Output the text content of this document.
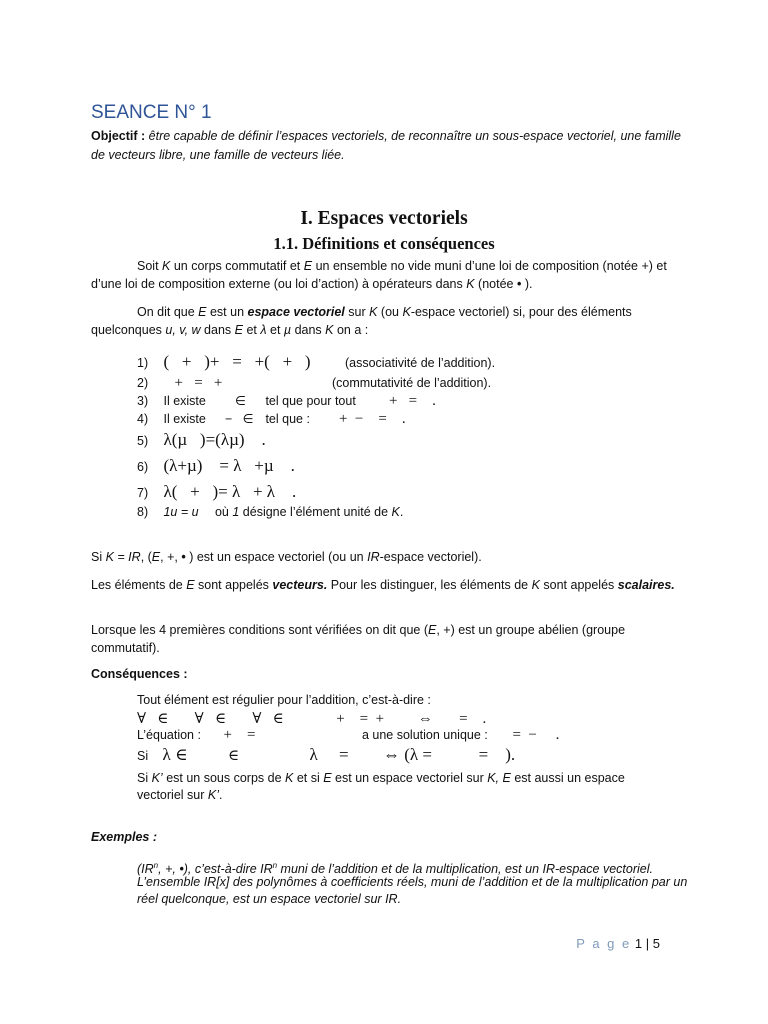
SEANCE N° 1
Objectif : être capable de définir l’espaces vectoriels, de reconnaître un sous-espace vectoriel, une famille de vecteurs libre, une famille de vecteurs liée.
I. Espaces vectoriels
1.1. Définitions et conséquences
Soit K un corps commutatif et E un ensemble no vide muni d’une loi de composition (notée +) et d’une loi de composition externe (ou loi d’action) à opérateurs dans K (notée • ).
On dit que E est un espace vectoriel sur K (ou K-espace vectoriel) si, pour des éléments quelconques u, v, w dans E et λ et µ dans K on a :
1) (   +   )+   =   +(   +   )	(associativité de l’addition).
2) +   =   +	(commutativité de l’addition).
3) Il existe ∈ tel que pour tout +   =    .
4) Il existe −   ∈ tel que : +  −    =    .
5) λ(µ   )=(λµ)    .
6) (λ+µ)    = λ   +µ    .
7) λ(   +   )= λ   + λ    .
8) 1u = u où 1 désigne l’élément unité de K.
Si K = IR, (E, +, • ) est un espace vectoriel (ou un IR-espace vectoriel).
Les éléments de E sont appelés vecteurs. Pour les distinguer, les éléments de K sont appelés scalaires.
Lorsque les 4 premières conditions sont vérifiées on dit que (E, +) est un groupe abélien (groupe commutatif).
Conséquences :
Tout élément est régulier pour l’addition, c’est-à-dire :
∀   ∈       ∀   ∈       ∀   ∈              +    =  +         ⇔       =    .
L’équation : +    =	a une solution unique : =  −     .
Si λ ∈	∈	λ     = ⇔ (λ =           =    ).
Si K’ est un sous corps de K et si E est un espace vectoriel sur K, E est aussi un espace vectoriel sur K’.
Exemples :
($IR^n$, +, •), c’est-à-dire $IR^n$ muni de l’addition et de la multiplication, est un IR-espace vectoriel.
L’ensemble IR[x] des polynômes à coefficients réels, muni de l’addition et de la multiplication par un réel quelconque, est un espace vectoriel sur IR.
P a g e 1 | 5
